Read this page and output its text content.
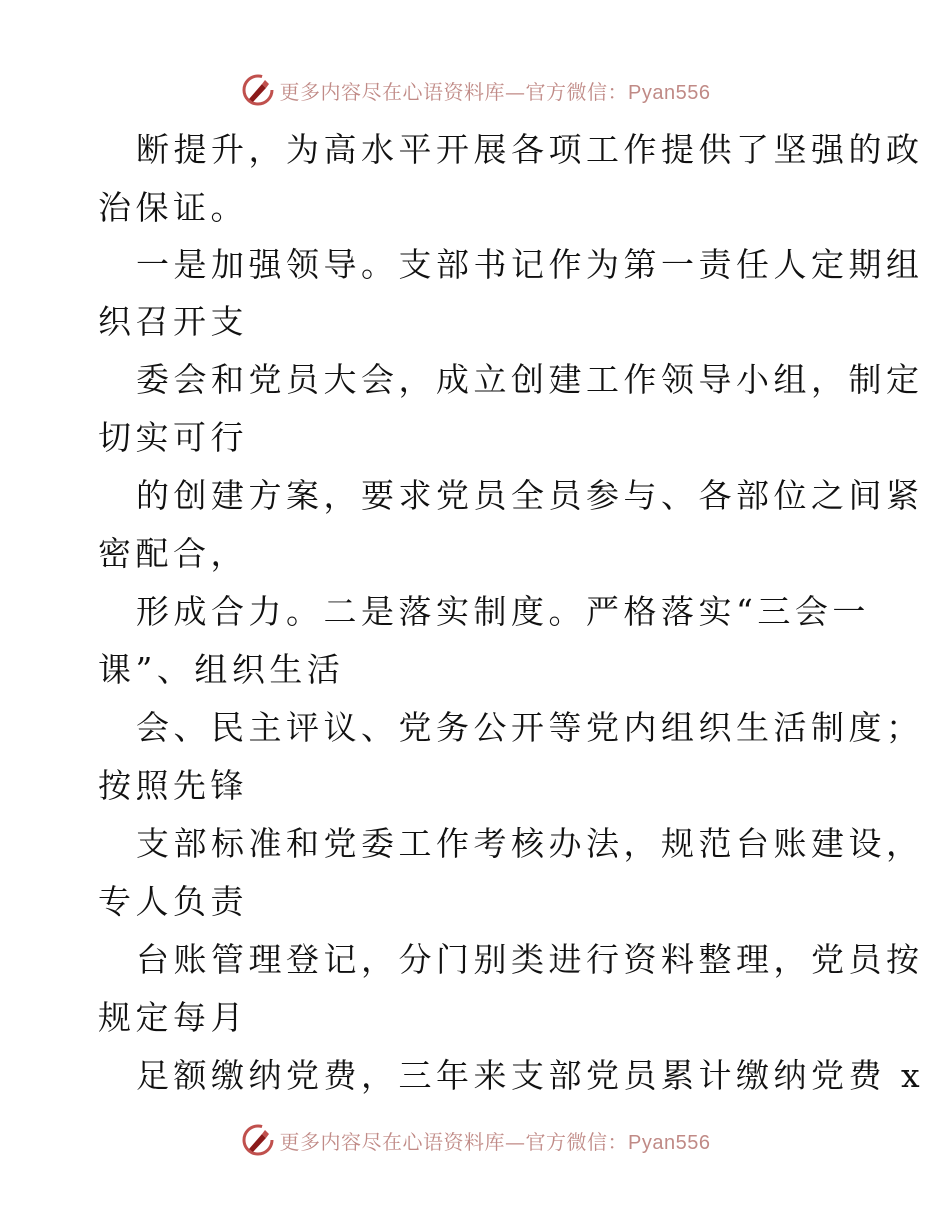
更多内容尽在心语资料库—官方微信：Pyan556
断提升，为高水平开展各项工作提供了坚强的政
治保证。
一是加强领导。支部书记作为第一责任人定期组
织召开支
委会和党员大会，成立创建工作领导小组，制定
切实可行
的创建方案，要求党员全员参与、各部位之间紧
密配合，
形成合力。二是落实制度。严格落实“三会一
课”、组织生活
会、民主评议、党务公开等党内组织生活制度；
按照先锋
支部标准和党委工作考核办法，规范台账建设，
专人负责
台账管理登记，分门别类进行资料整理，党员按
规定每月
足额缴纳党费，三年来支部党员累计缴纳党费 x
更多内容尽在心语资料库—官方微信：Pyan556
